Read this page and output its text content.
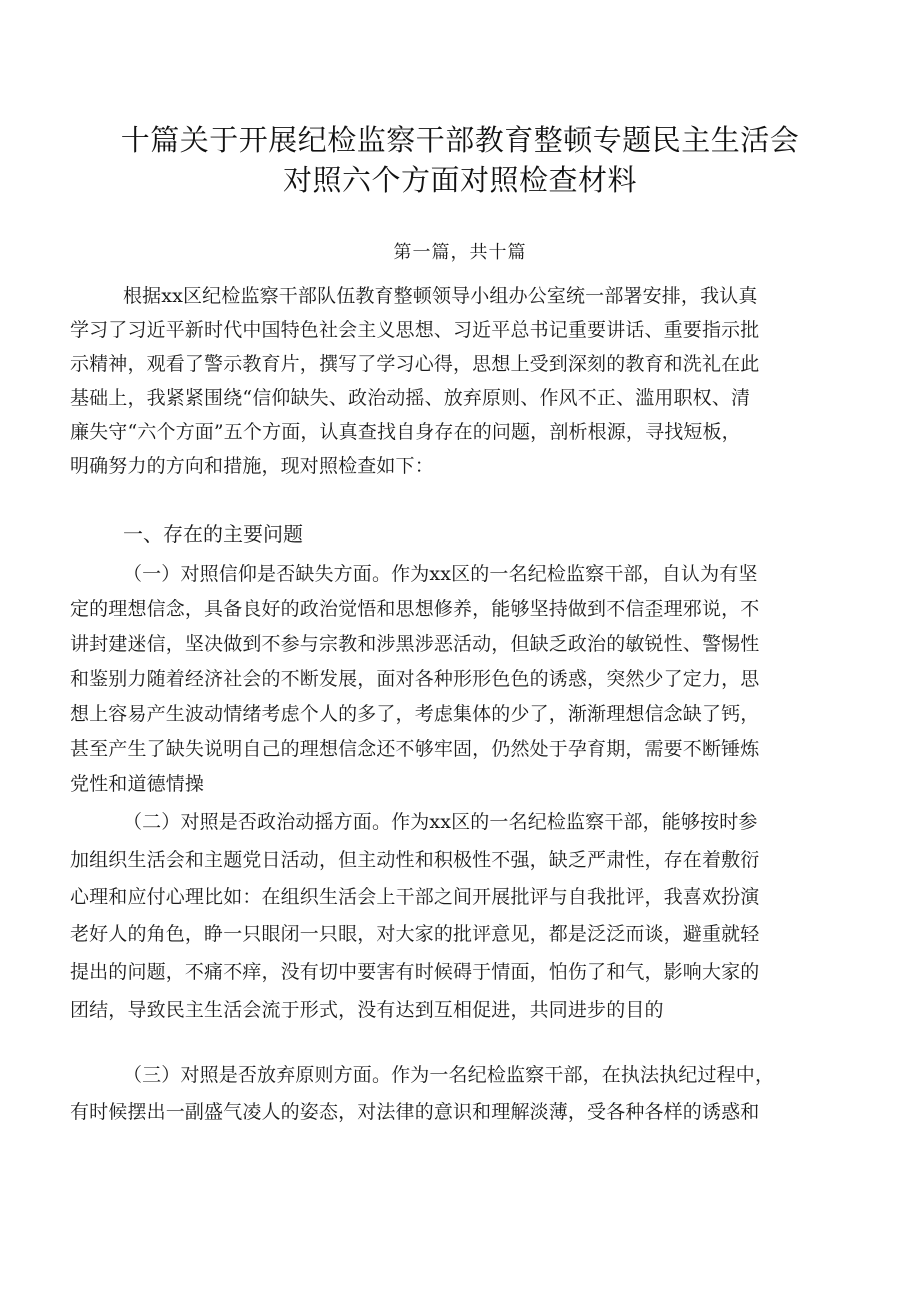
十篇关于开展纪检监察干部教育整顿专题民主生活会
对照六个方面对照检查材料
第一篇，共十篇
根据xx区纪检监察干部队伍教育整顿领导小组办公室统一部署安排，我认真
学习了习近平新时代中国特色社会主义思想、习近平总书记重要讲话、重要指示批
示精神，观看了警示教育片，撰写了学习心得，思想上受到深刻的教育和洗礼在此
基础上，我紧紧围绕“信仰缺失、政治动摇、放弃原则、作风不正、滥用职权、清
廉失守“六个方面”五个方面，认真查找自身存在的问题，剖析根源，寻找短板，
明确努力的方向和措施，现对照检查如下：
一、存在的主要问题
（一）对照信仰是否缺失方面。作为xx区的一名纪检监察干部，自认为有坚
定的理想信念，具备良好的政治觉悟和思想修养，能够坚持做到不信歪理邪说，不
讲封建迷信，坚决做到不参与宗教和涉黑涉恶活动，但缺乏政治的敏锐性、警惕性
和鉴别力随着经济社会的不断发展，面对各种形形色色的诱惑，突然少了定力，思
想上容易产生波动情绪考虑个人的多了，考虑集体的少了，渐渐理想信念缺了钙，
甚至产生了缺失说明自己的理想信念还不够牢固，仍然处于孕育期，需要不断锤炼
党性和道德情操
（二）对照是否政治动摇方面。作为xx区的一名纪检监察干部，能够按时参
加组织生活会和主题党日活动，但主动性和积极性不强，缺乏严肃性，存在着敷衍
心理和应付心理比如：在组织生活会上干部之间开展批评与自我批评，我喜欢扮演
老好人的角色，睁一只眼闭一只眼，对大家的批评意见，都是泛泛而谈，避重就轻
提出的问题，不痛不痒，没有切中要害有时候碍于情面，怕伤了和气，影响大家的
团结，导致民主生活会流于形式，没有达到互相促进，共同进步的目的
（三）对照是否放弃原则方面。作为一名纪检监察干部，在执法执纪过程中，
有时候摆出一副盛气凌人的姿态，对法律的意识和理解淡薄，受各种各样的诱惑和
